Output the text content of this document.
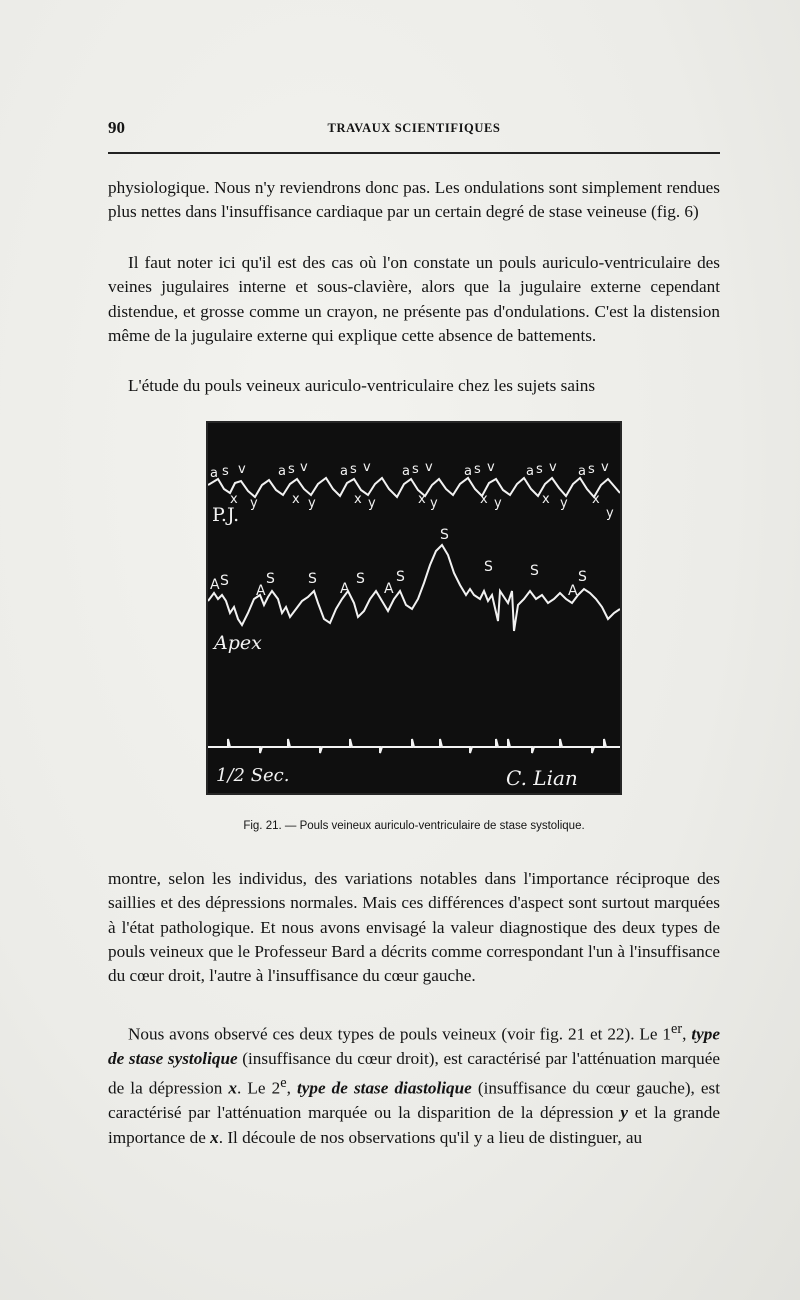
90	TRAVAUX SCIENTIFIQUES

physiologique. Nous n'y reviendrons donc pas. Les ondulations sont simplement rendues plus nettes dans l'insuffisance cardiaque par un certain degré de stase veineuse (fig. 6)

Il faut noter ici qu'il est des cas où l'on constate un pouls auriculo-ventriculaire des veines jugulaires interne et sous-clavière, alors que la jugulaire externe cependant distendue, et grosse comme un crayon, ne présente pas d'ondulations. C'est la distension même de la jugulaire externe qui explique cette absence de battements.

L'étude du pouls veineux auriculo-ventriculaire chez les sujets sains

a s v
x y
a s v
x y
a s v
x y
a s v
x y
a s v
x y
a s v
x y
a s v
x
y
P.J.
A S
A
S S
A
S
A
S
S
S	S
A
S
Apex
1/2 Sec.	C. Lian
Fig. 21. — Pouls veineux auriculo-ventriculaire de stase systolique.

montre, selon les individus, des variations notables dans l'importance réciproque des saillies et des dépressions normales. Mais ces différences d'aspect sont surtout marquées à l'état pathologique. Et nous avons envisagé la valeur diagnostique des deux types de pouls veineux que le Professeur Bard a décrits comme correspondant l'un à l'insuffisance du cœur droit, l'autre à l'insuffisance du cœur gauche.

Nous avons observé ces deux types de pouls veineux (voir fig. 21 et 22). Le 1er, type de stase systolique (insuffisance du cœur droit), est caractérisé par l'atténuation marquée de la dépression x. Le 2e, type de stase diastolique (insuffisance du cœur gauche), est caractérisé par l'atténuation marquée ou la disparition de la dépression y et la grande importance de x. Il découle de nos observations qu'il y a lieu de distinguer, au
